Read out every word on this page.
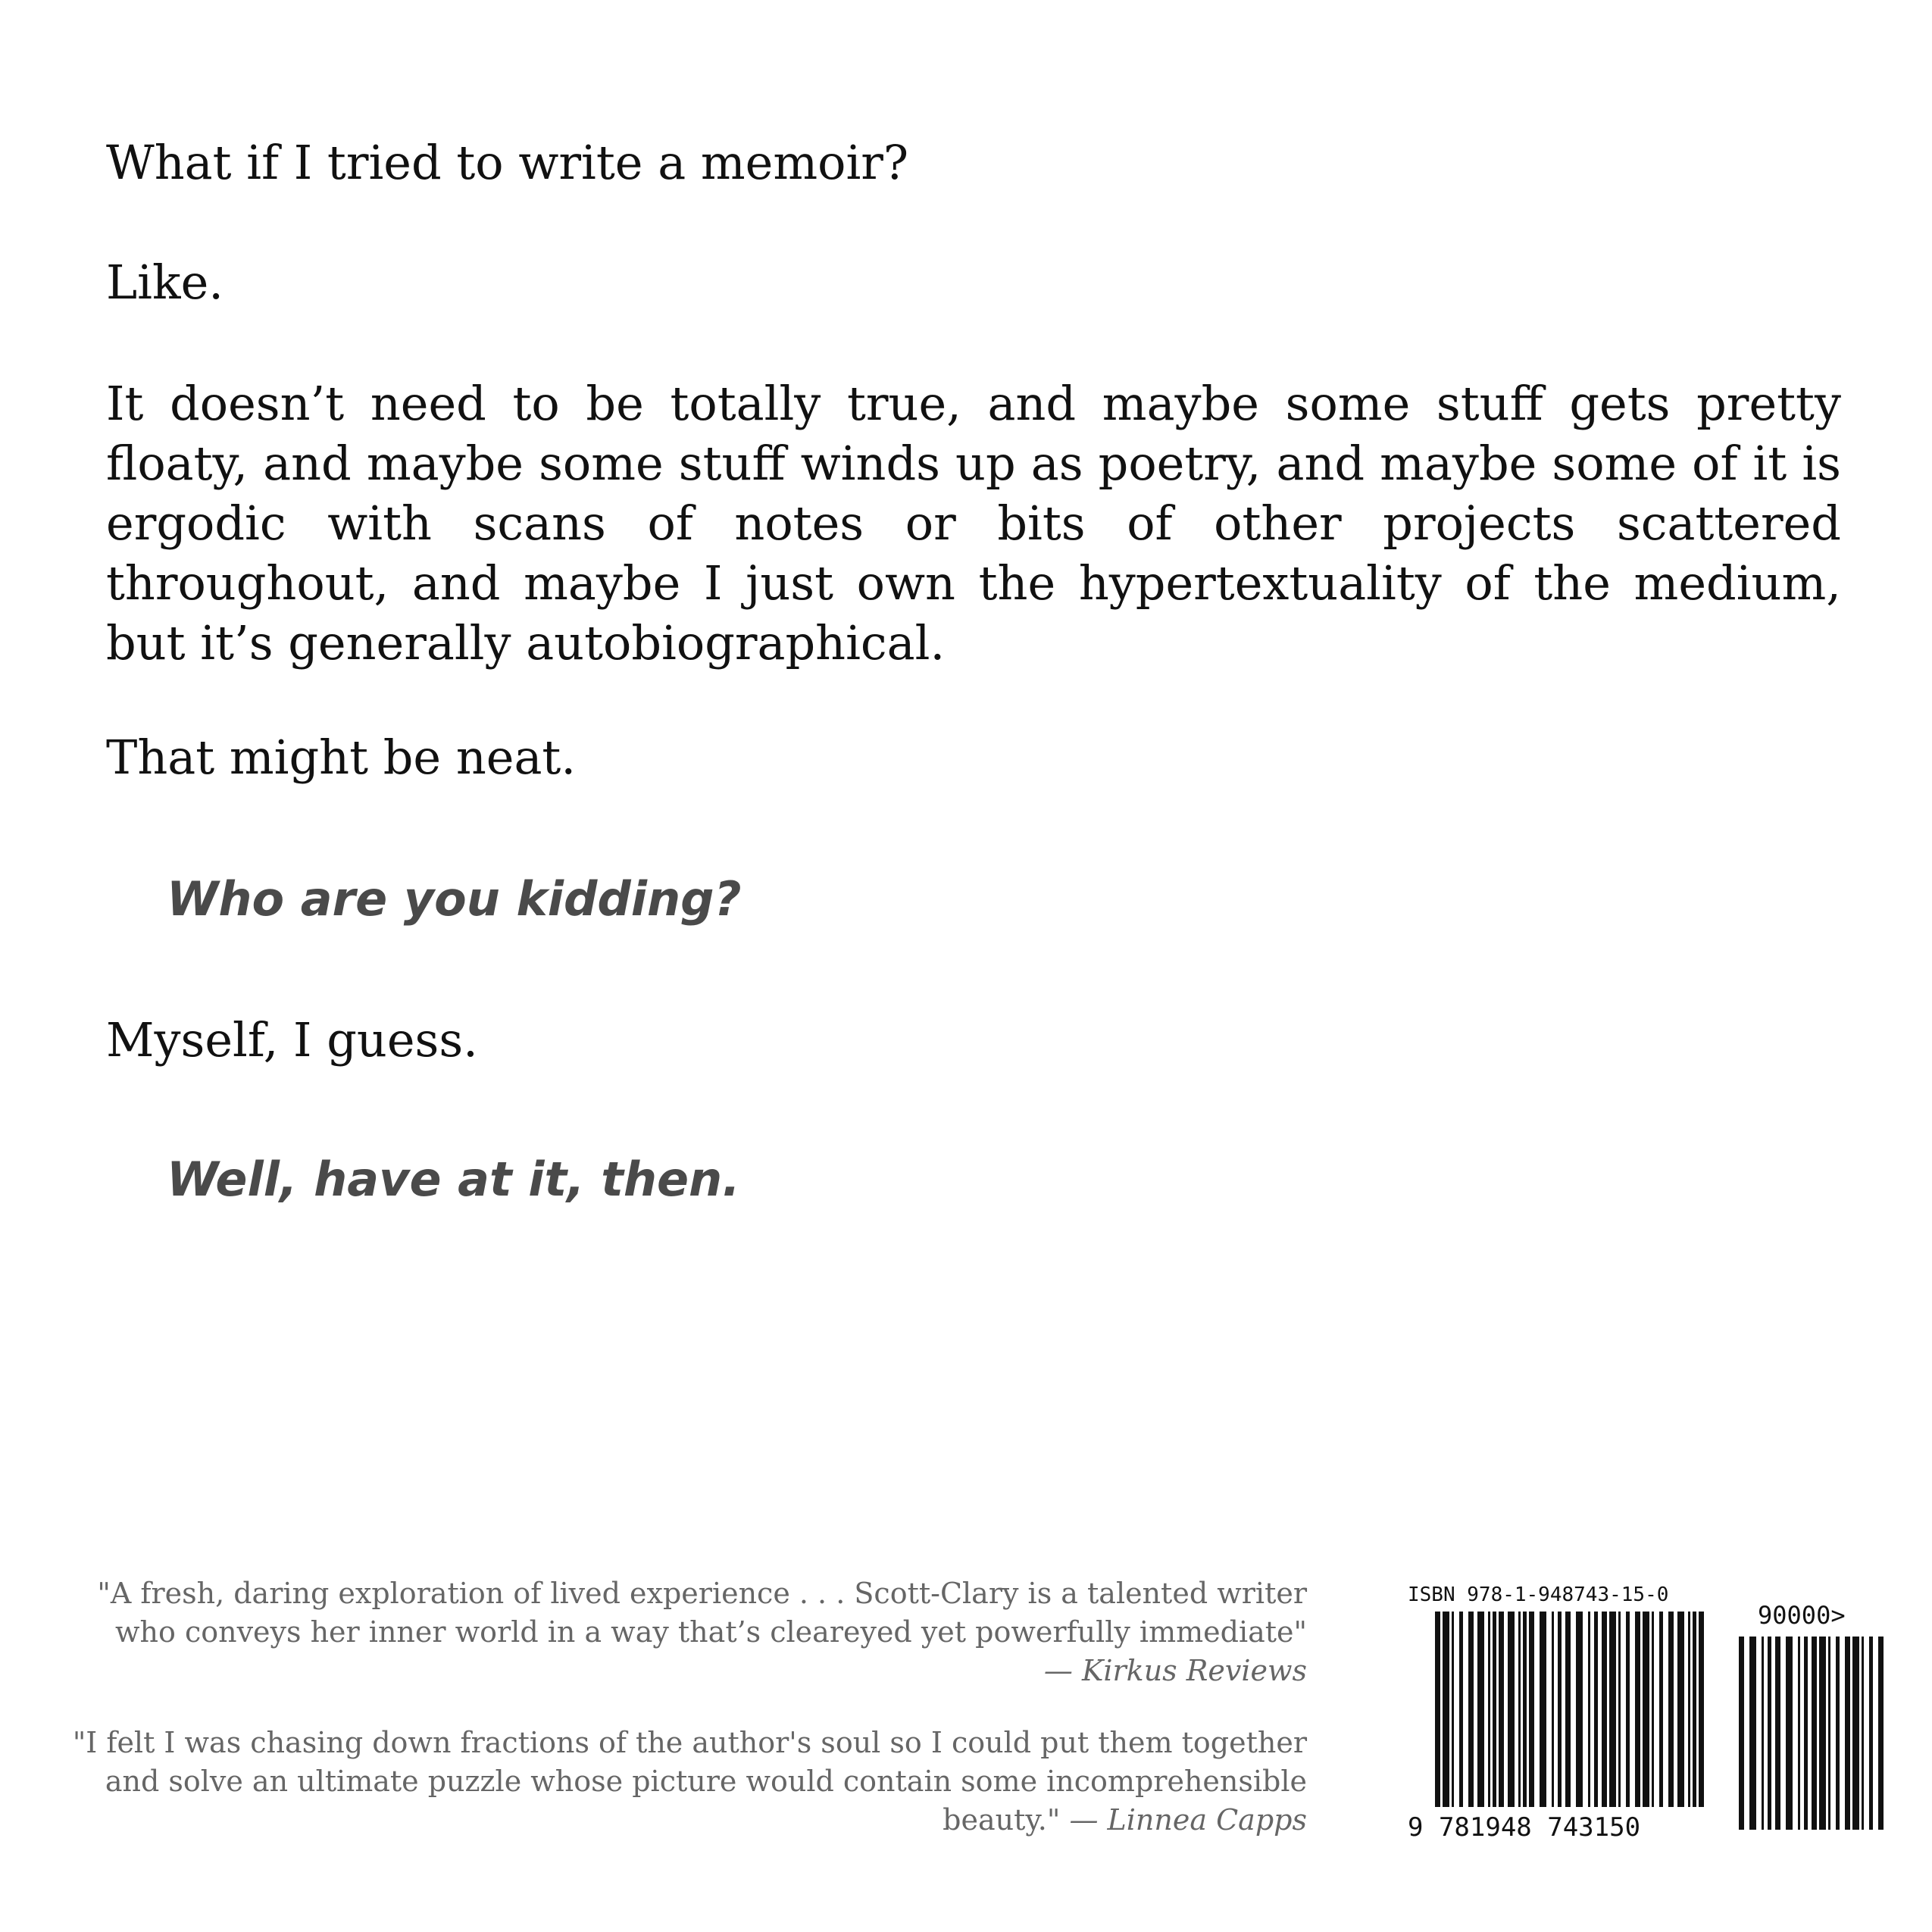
What if I tried to write a memoir?
Like.
It doesn’t need to be totally true, and maybe some stuff gets pretty floaty, and maybe some stuff winds up as poetry, and maybe some of it is ergodic with scans of notes or bits of other projects scattered throughout, and maybe I just own the hypertextuality of the medium, but it’s generally autobiographical.
That might be neat.
Who are you kidding?
Myself, I guess.
Well, have at it, then.
"A fresh, daring exploration of lived experience . . . Scott-Clary is a talented writer who conveys her inner world in a way that’s cleareyed yet powerfully immediate"
— Kirkus Reviews
"I felt I was chasing down fractions of the author's soul so I could put them together and solve an ultimate puzzle whose picture would contain some incomprehensible beauty." — Linnea Capps
ISBN 978-1-948743-15-0
9 781948 743150
90000>
